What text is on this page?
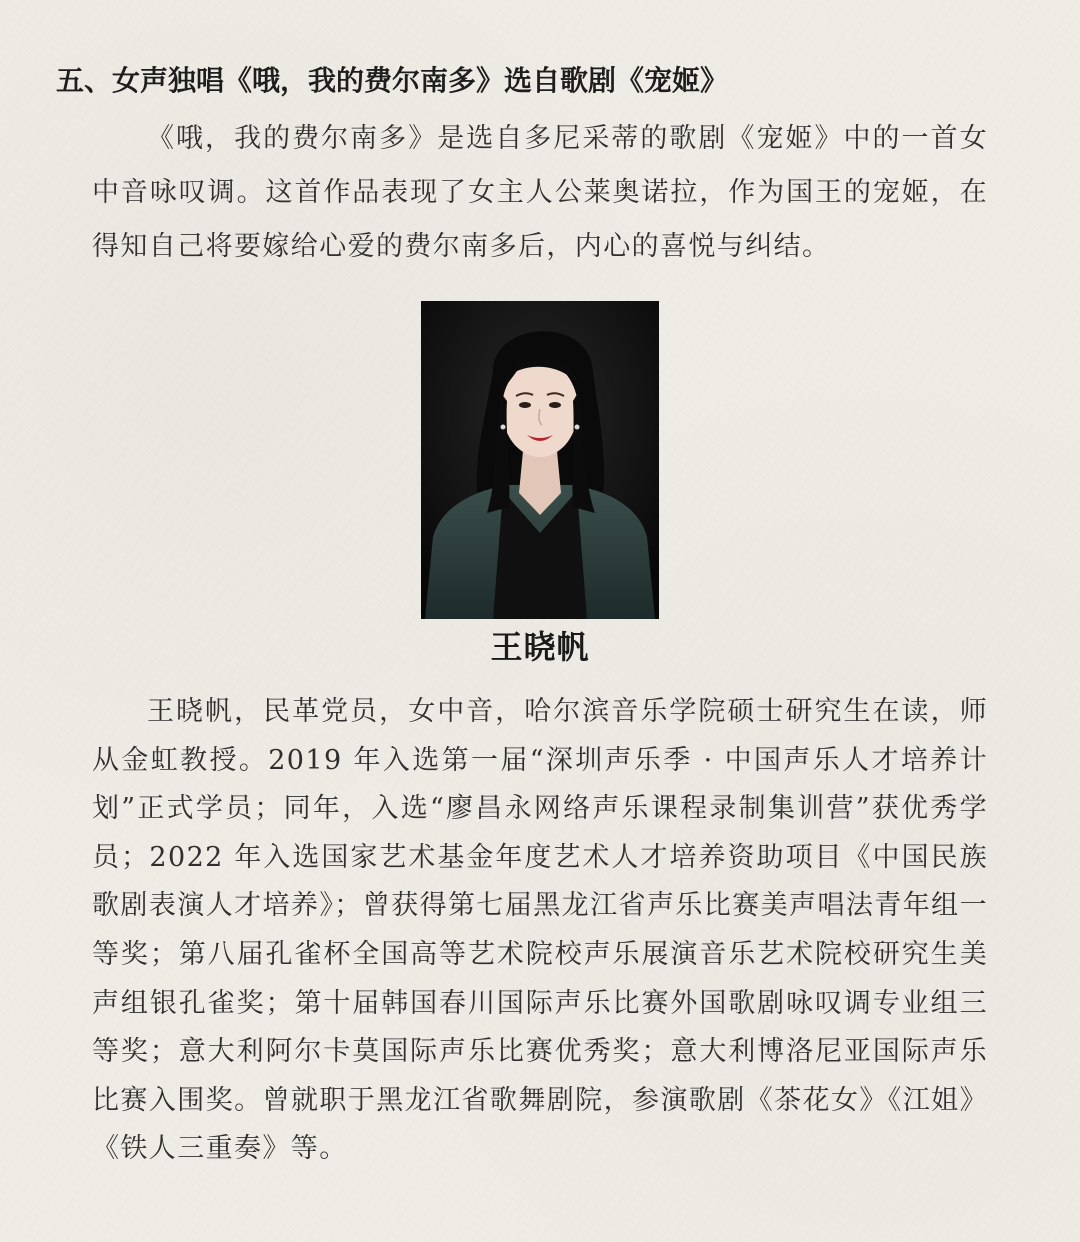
五、女声独唱《哦，我的费尔南多》选自歌剧《宠姬》

《哦，我的费尔南多》是选自多尼采蒂的歌剧《宠姬》中的一首女中音咏叹调。这首作品表现了女主人公莱奥诺拉，作为国王的宠姬，在得知自己将要嫁给心爱的费尔南多后，内心的喜悦与纠结。

王晓帆

王晓帆，民革党员，女中音，哈尔滨音乐学院硕士研究生在读，师从金虹教授。2019 年入选第一届“深圳声乐季 · 中国声乐人才培养计划”正式学员；同年，入选“廖昌永网络声乐课程录制集训营”获优秀学员；2022 年入选国家艺术基金年度艺术人才培养资助项目《中国民族歌剧表演人才培养》；曾获得第七届黑龙江省声乐比赛美声唱法青年组一等奖；第八届孔雀杯全国高等艺术院校声乐展演音乐艺术院校研究生美声组银孔雀奖；第十届韩国春川国际声乐比赛外国歌剧咏叹调专业组三等奖；意大利阿尔卡莫国际声乐比赛优秀奖；意大利博洛尼亚国际声乐比赛入围奖。曾就职于黑龙江省歌舞剧院，参演歌剧《茶花女》《江姐》《铁人三重奏》等。
